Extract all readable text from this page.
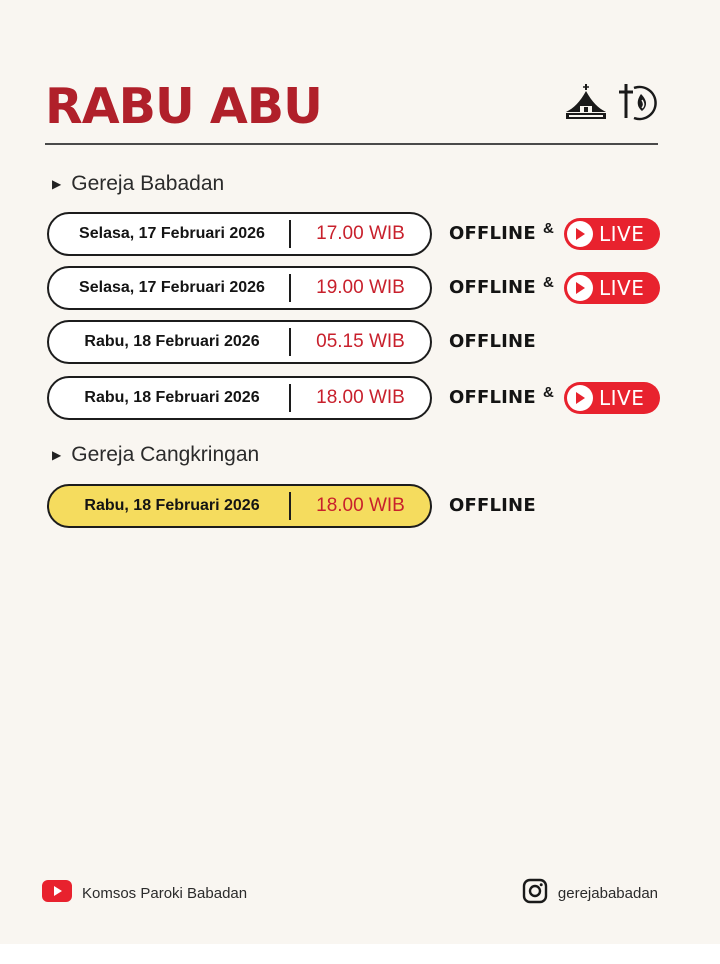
RABU ABU
▶ Gereja Babadan
Selasa, 17 Februari 2026	17.00 WIB	OFFLINE & LIVE
Selasa, 17 Februari 2026	19.00 WIB	OFFLINE & LIVE
Rabu, 18 Februari 2026	05.15 WIB	OFFLINE
Rabu, 18 Februari 2026	18.00 WIB	OFFLINE & LIVE
▶ Gereja Cangkringan
Rabu, 18 Februari 2026	18.00 WIB	OFFLINE
Komsos Paroki Babadan	gerejababadan
